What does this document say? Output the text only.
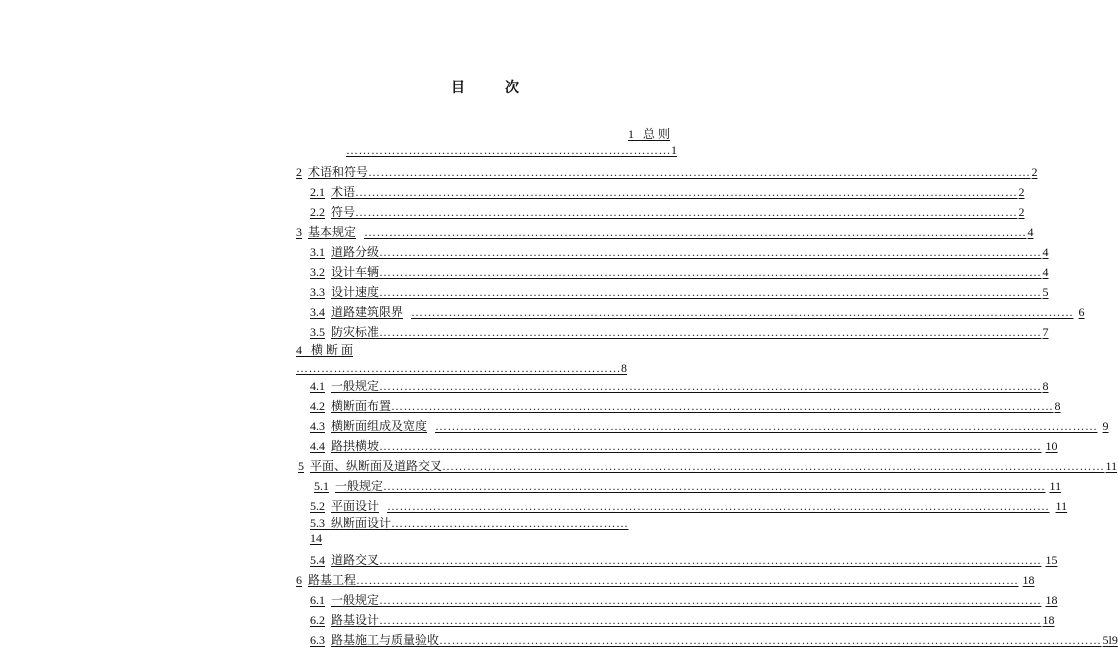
目	次
1 总 则
…………………………………………………………………… 1
2 术语和符号 ……………………………………………………………………………………………………………………………………………	2
2.1 术语 ……………………………………………………………………………………………………………………………………………	2
2.2 符号 ……………………………………………………………………………………………………………………………………………	2
3 基本规定 ……………………………………………………………………………………………………………………………………………	4
3.1 道路分级 ……………………………………………………………………………………………………………………………………………	4
3.2 设计车辆 ……………………………………………………………………………………………………………………………………………	4
3.3 设计速度 ……………………………………………………………………………………………………………………………………………	5
3.4 道路建筑限界 ……………………………………………………………………………………………………………………………………………	6
3.5 防灾标准 ……………………………………………………………………………………………………………………………………………	7
4 横 断 面
…………………………………………………………………… 8
4.1 一般规定 ……………………………………………………………………………………………………………………………………………	8
4.2 横断面布置 ……………………………………………………………………………………………………………………………………………	8
4.3 横断面组成及宽度 ……………………………………………………………………………………………………………………………………………	9
4.4 路拱横坡 ……………………………………………………………………………………………………………………………………………	10
5 平面、纵断面及道路交叉 ……………………………………………………………………………………………………………………………………………	11
5.1 一般规定 ……………………………………………………………………………………………………………………………………………	11
5.2 平面设计 ……………………………………………………………………………………………………………………………………………	11
5.3 纵断面设计…………………………………………………
14
5.4 道路交叉 ……………………………………………………………………………………………………………………………………………	15
6 路基工程 ……………………………………………………………………………………………………………………………………………	18
6.1 一般规定 ……………………………………………………………………………………………………………………………………………	18
6.2 路基设计 ……………………………………………………………………………………………………………………………………………	18
6.3 路基施工与质量验收 ……………………………………………………………………………………………………………………………………………	5l9
